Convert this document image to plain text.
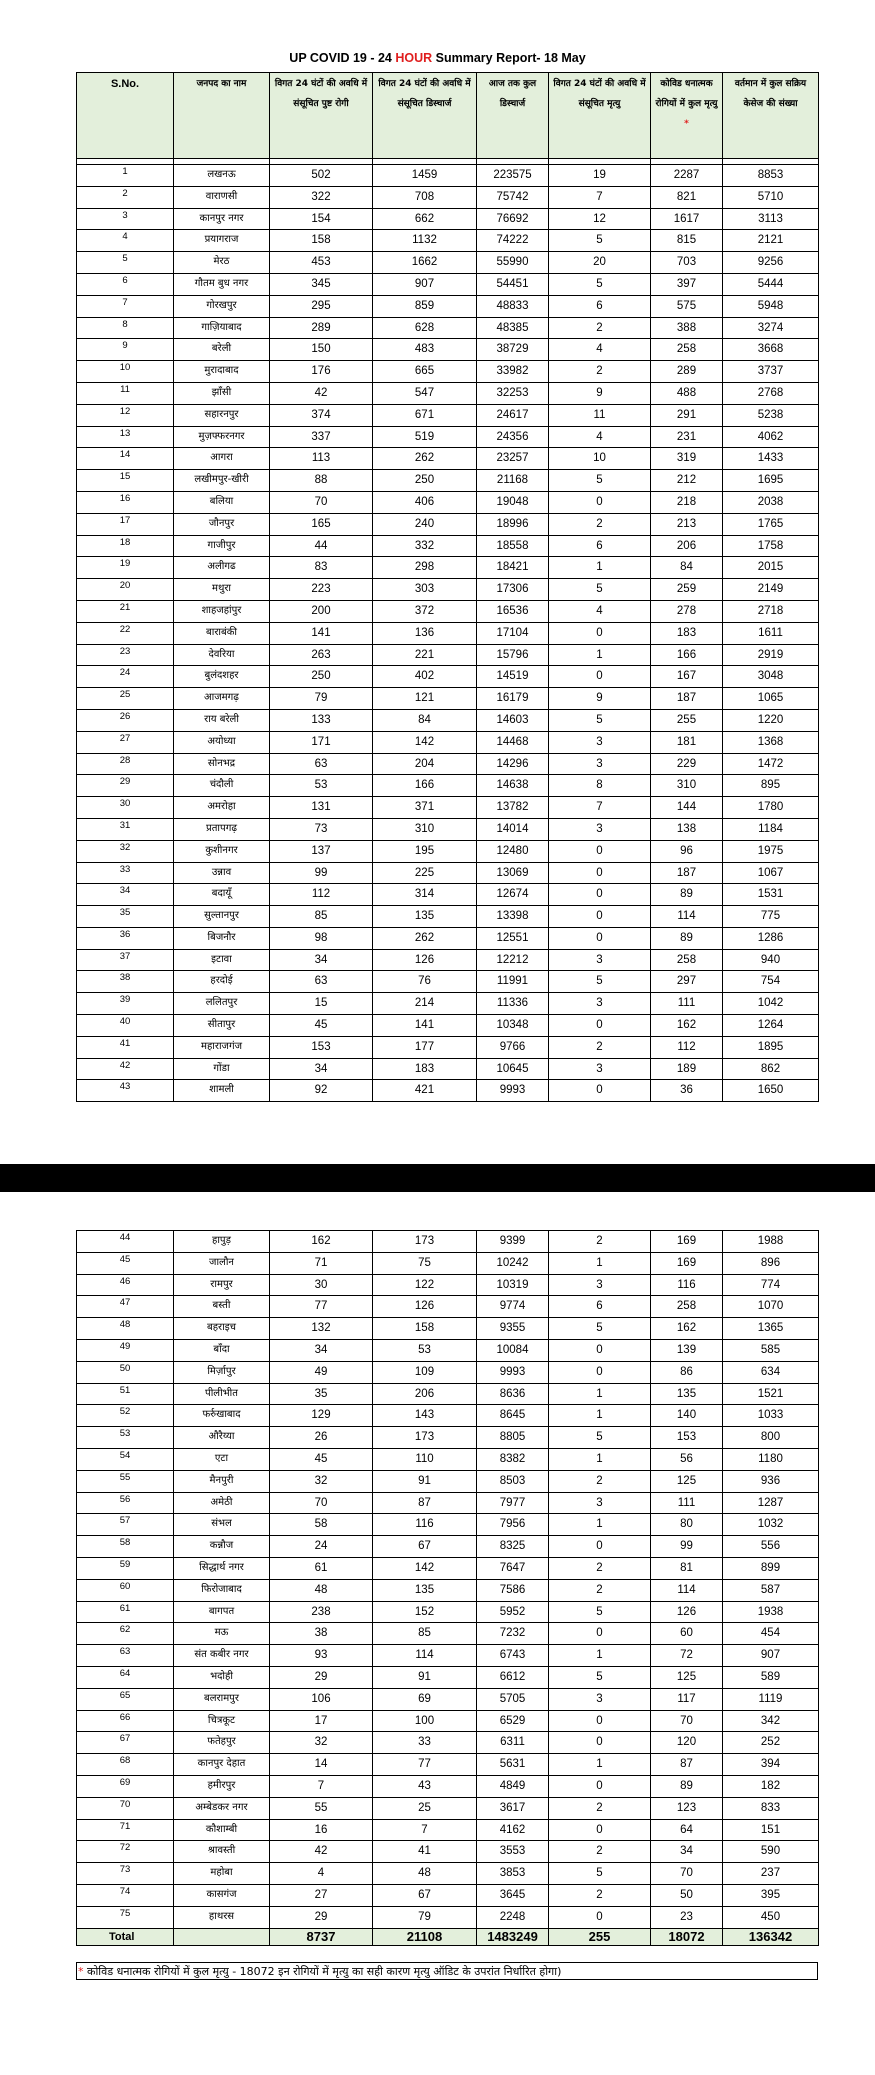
UP COVID 19 - 24 HOUR Summary Report- 18 May
S.No.	जनपद का नाम	विगत 24 घंटों की अवधि में संसूचित पुष्ट रोगी	विगत 24 घंटों की अवधि में संसूचित डिस्चार्ज	आज तक कुल डिस्चार्ज	विगत 24 घंटों की अवधि में संसूचित मृत्यु	कोविड धनात्मक रोगियों में कुल मृत्यु *	वर्तमान में कुल सक्रिय केसेज की संख्या

1	लखनऊ	502	1459	223575	19	2287	8853
2	वाराणसी	322	708	75742	7	821	5710
3	कानपुर नगर	154	662	76692	12	1617	3113
4	प्रयागराज	158	1132	74222	5	815	2121
5	मेरठ	453	1662	55990	20	703	9256
6	गौतम बुध नगर	345	907	54451	5	397	5444
7	गोरखपुर	295	859	48833	6	575	5948
8	गाज़ियाबाद	289	628	48385	2	388	3274
9	बरेली	150	483	38729	4	258	3668
10	मुरादाबाद	176	665	33982	2	289	3737
11	झाँसी	42	547	32253	9	488	2768
12	सहारनपुर	374	671	24617	11	291	5238
13	मुज़फ्फरनगर	337	519	24356	4	231	4062
14	आगरा	113	262	23257	10	319	1433
15	लखीमपुर-खीरी	88	250	21168	5	212	1695
16	बलिया	70	406	19048	0	218	2038
17	जौनपुर	165	240	18996	2	213	1765
18	गाजीपुर	44	332	18558	6	206	1758
19	अलीगढ	83	298	18421	1	84	2015
20	मथुरा	223	303	17306	5	259	2149
21	शाहजहांपुर	200	372	16536	4	278	2718
22	बाराबंकी	141	136	17104	0	183	1611
23	देवरिया	263	221	15796	1	166	2919
24	बुलंदशहर	250	402	14519	0	167	3048
25	आजमगढ़	79	121	16179	9	187	1065
26	राय बरेली	133	84	14603	5	255	1220
27	अयोध्या	171	142	14468	3	181	1368
28	सोनभद्र	63	204	14296	3	229	1472
29	चंदौली	53	166	14638	8	310	895
30	अमरोहा	131	371	13782	7	144	1780
31	प्रतापगढ़	73	310	14014	3	138	1184
32	कुशीनगर	137	195	12480	0	96	1975
33	उन्नाव	99	225	13069	0	187	1067
34	बदायूँ	112	314	12674	0	89	1531
35	सुल्तानपुर	85	135	13398	0	114	775
36	बिजनौर	98	262	12551	0	89	1286
37	इटावा	34	126	12212	3	258	940
38	हरदोई	63	76	11991	5	297	754
39	ललितपुर	15	214	11336	3	111	1042
40	सीतापुर	45	141	10348	0	162	1264
41	महाराजगंज	153	177	9766	2	112	1895
42	गोंडा	34	183	10645	3	189	862
43	शामली	92	421	9993	0	36	1650
44	हापुड़	162	173	9399	2	169	1988
45	जालौन	71	75	10242	1	169	896
46	रामपुर	30	122	10319	3	116	774
47	बस्ती	77	126	9774	6	258	1070
48	बहराइच	132	158	9355	5	162	1365
49	बाँदा	34	53	10084	0	139	585
50	मिर्ज़ापुर	49	109	9993	0	86	634
51	पीलीभीत	35	206	8636	1	135	1521
52	फर्रुखाबाद	129	143	8645	1	140	1033
53	औरैय्या	26	173	8805	5	153	800
54	एटा	45	110	8382	1	56	1180
55	मैनपुरी	32	91	8503	2	125	936
56	अमेठी	70	87	7977	3	111	1287
57	संभल	58	116	7956	1	80	1032
58	कन्नौज	24	67	8325	0	99	556
59	सिद्धार्थ नगर	61	142	7647	2	81	899
60	फिरोजाबाद	48	135	7586	2	114	587
61	बागपत	238	152	5952	5	126	1938
62	मऊ	38	85	7232	0	60	454
63	संत कबीर नगर	93	114	6743	1	72	907
64	भदोही	29	91	6612	5	125	589
65	बलरामपुर	106	69	5705	3	117	1119
66	चित्रकूट	17	100	6529	0	70	342
67	फतेहपुर	32	33	6311	0	120	252
68	कानपुर देहात	14	77	5631	1	87	394
69	हमीरपुर	7	43	4849	0	89	182
70	अम्बेडकर नगर	55	25	3617	2	123	833
71	कौशाम्बी	16	7	4162	0	64	151
72	श्रावस्ती	42	41	3553	2	34	590
73	महोबा	4	48	3853	5	70	237
74	कासगंज	27	67	3645	2	50	395
75	हाथरस	29	79	2248	0	23	450
Total		8737	21108	1483249	255	18072	136342
* कोविड धनात्मक रोगियों में कुल मृत्यु - 18072 इन रोगियों में मृत्यु का सही कारण मृत्यु ऑडिट के उपरांत निर्धारित होगा)
